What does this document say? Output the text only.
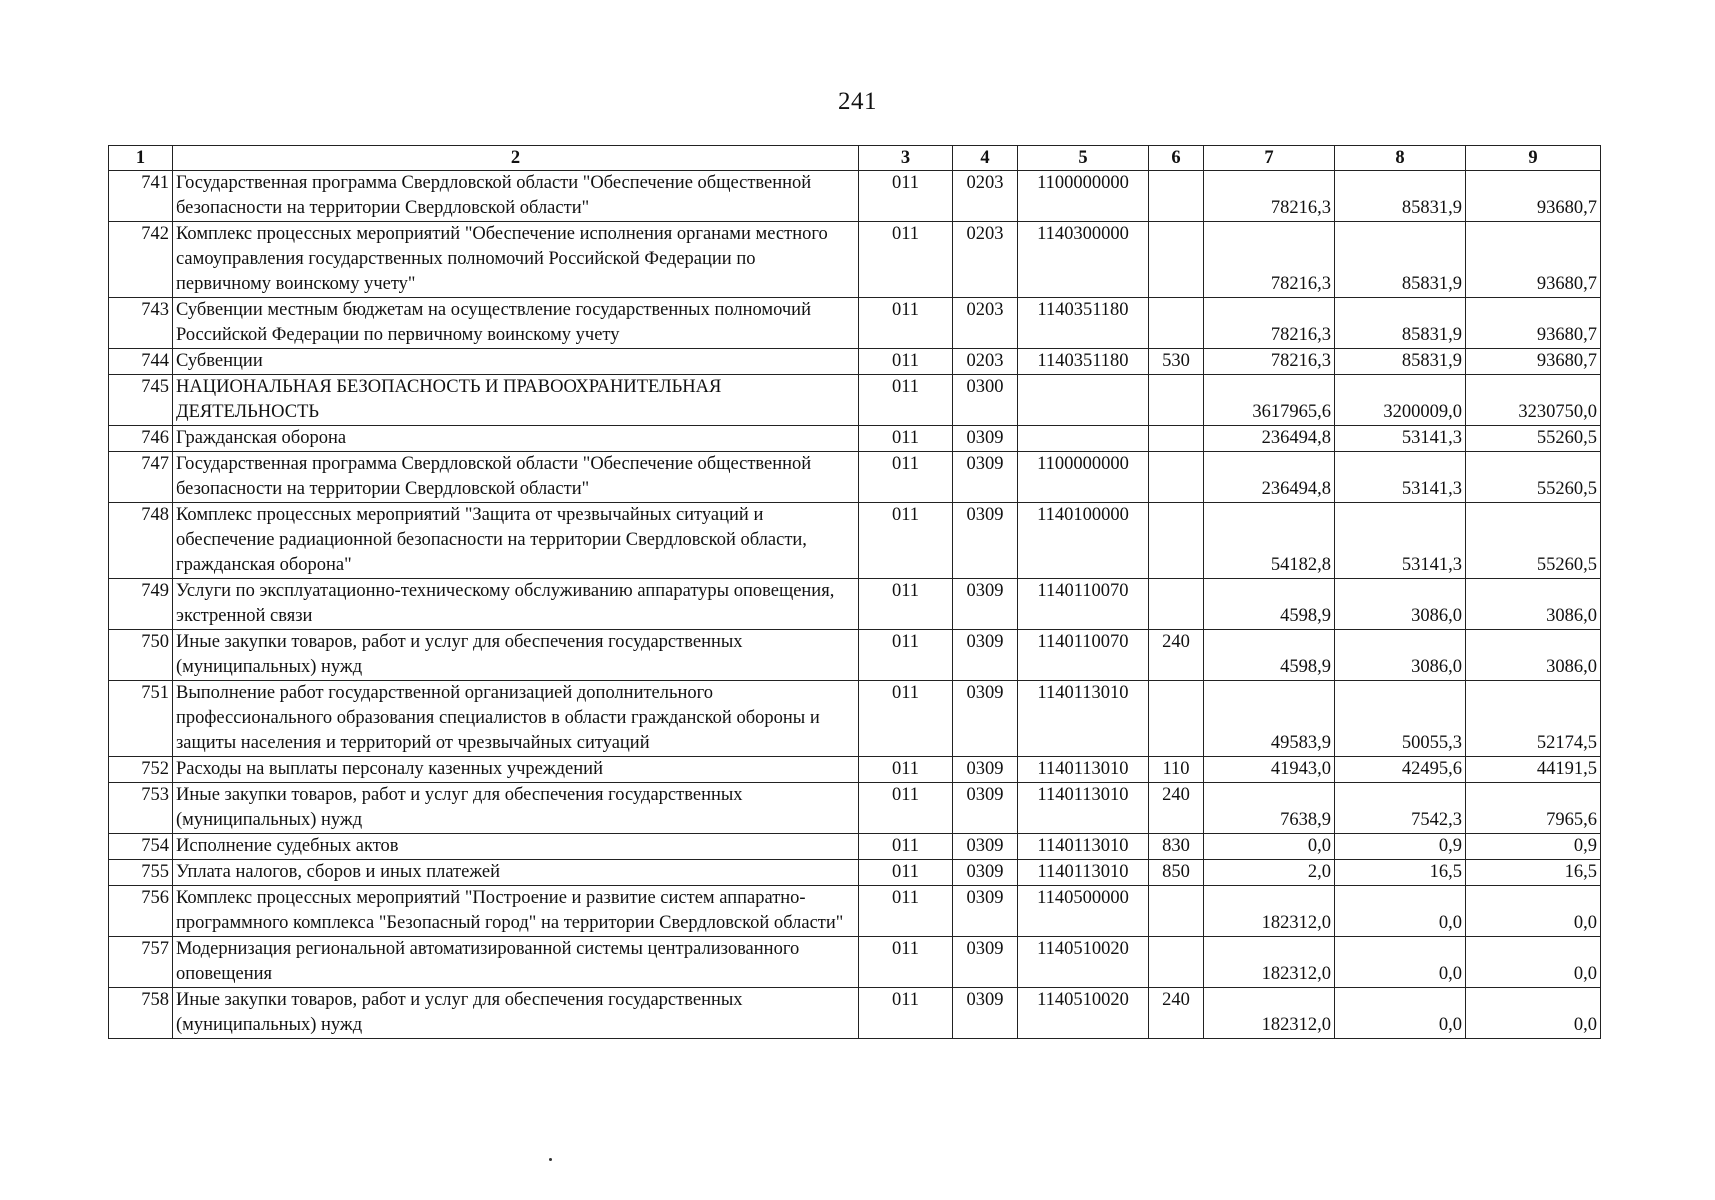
241
1	2	3	4	5	6	7	8	9
741	Государственная программа Свердловской области "Обеспечение общественной безопасности на территории Свердловской области"	011	0203	1100000000		78216,3	85831,9	93680,7
742	Комплекс процессных мероприятий "Обеспечение исполнения органами местного самоуправления государственных полномочий Российской Федерации по первичному воинскому учету"	011	0203	1140300000		78216,3	85831,9	93680,7
743	Субвенции местным бюджетам на осуществление государственных полномочий Российской Федерации по первичному воинскому учету	011	0203	1140351180		78216,3	85831,9	93680,7
744	Субвенции	011	0203	1140351180	530	78216,3	85831,9	93680,7
745	НАЦИОНАЛЬНАЯ БЕЗОПАСНОСТЬ И ПРАВООХРАНИТЕЛЬНАЯ ДЕЯТЕЛЬНОСТЬ	011	0300			3617965,6	3200009,0	3230750,0
746	Гражданская оборона	011	0309			236494,8	53141,3	55260,5
747	Государственная программа Свердловской области "Обеспечение общественной безопасности на территории Свердловской области"	011	0309	1100000000		236494,8	53141,3	55260,5
748	Комплекс процессных мероприятий "Защита от чрезвычайных ситуаций и обеспечение радиационной безопасности на территории Свердловской области, гражданская оборона"	011	0309	1140100000		54182,8	53141,3	55260,5
749	Услуги по эксплуатационно-техническому обслуживанию аппаратуры оповещения, экстренной связи	011	0309	1140110070		4598,9	3086,0	3086,0
750	Иные закупки товаров, работ и услуг для обеспечения государственных (муниципальных) нужд	011	0309	1140110070	240	4598,9	3086,0	3086,0
751	Выполнение работ государственной организацией дополнительного профессионального образования специалистов в области гражданской обороны и защиты населения и территорий от чрезвычайных ситуаций	011	0309	1140113010		49583,9	50055,3	52174,5
752	Расходы на выплаты персоналу казенных учреждений	011	0309	1140113010	110	41943,0	42495,6	44191,5
753	Иные закупки товаров, работ и услуг для обеспечения государственных (муниципальных) нужд	011	0309	1140113010	240	7638,9	7542,3	7965,6
754	Исполнение судебных актов	011	0309	1140113010	830	0,0	0,9	0,9
755	Уплата налогов, сборов и иных платежей	011	0309	1140113010	850	2,0	16,5	16,5
756	Комплекс процессных мероприятий "Построение и развитие систем аппаратно-программного комплекса "Безопасный город" на территории Свердловской области"	011	0309	1140500000		182312,0	0,0	0,0
757	Модернизация региональной автоматизированной системы централизованного оповещения	011	0309	1140510020		182312,0	0,0	0,0
758	Иные закупки товаров, работ и услуг для обеспечения государственных (муниципальных) нужд	011	0309	1140510020	240	182312,0	0,0	0,0
